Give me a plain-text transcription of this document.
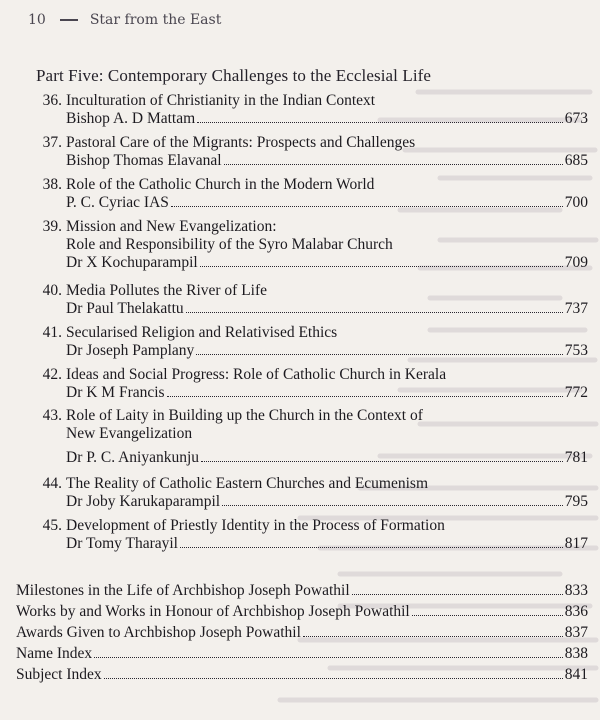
10	Star from the East
Part Five: Contemporary Challenges to the Ecclesial Life
36. Inculturation of Christianity in the Indian Context
Bishop A. D Mattam	673
37. Pastoral Care of the Migrants: Prospects and Challenges
Bishop Thomas Elavanal	685
38. Role of the Catholic Church in the Modern World
P. C. Cyriac IAS	700
39. Mission and New Evangelization:
Role and Responsibility of the Syro Malabar Church
Dr X Kochuparampil	709
40. Media Pollutes the River of Life
Dr Paul Thelakattu	737
41. Secularised Religion and Relativised Ethics
Dr Joseph Pamplany	753
42. Ideas and Social Progress: Role of Catholic Church in Kerala
Dr K M Francis	772
43. Role of Laity in Building up the Church in the Context of
New Evangelization
Dr P. C. Aniyankunju	781
44. The Reality of Catholic Eastern Churches and Ecumenism
Dr Joby Karukaparampil	795
45. Development of Priestly Identity in the Process of Formation
Dr Tomy Tharayil	817
Milestones in the Life of Archbishop Joseph Powathil	833
Works by and Works in Honour of Archbishop Joseph Powathil	836
Awards Given to Archbishop Joseph Powathil	837
Name Index	838
Subject Index	841
